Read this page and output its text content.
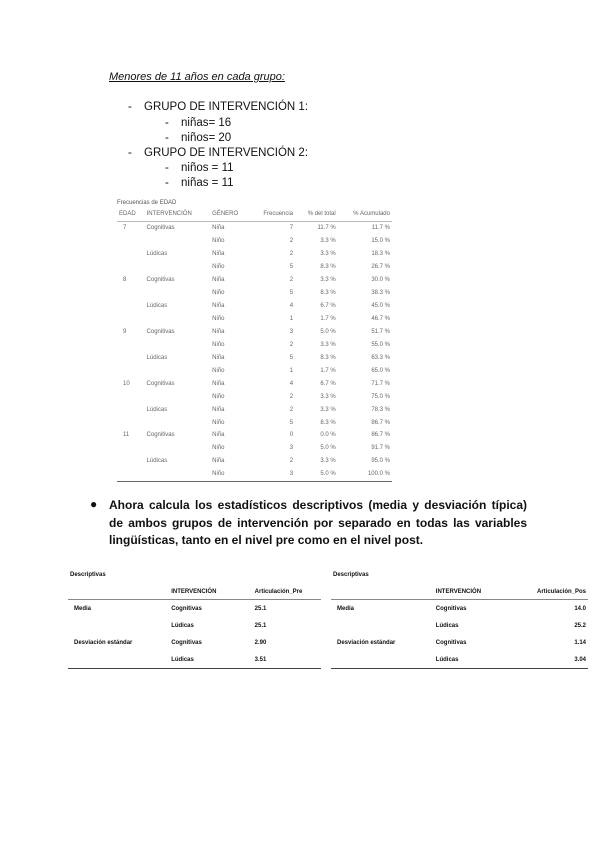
Menores de 11 años en cada grupo:
- GRUPO DE INTERVENCIÓN 1:
- niñas= 16
- niños= 20
- GRUPO DE INTERVENCIÓN 2:
- niños = 11
- niñas = 11
Frecuencias de EDAD
EDAD	INTERVENCIÓN	GÉNERO	Frecuencia	% del total	% Acumulado
7	Cognitivas	Niña	7	11.7 %	11.7 %
		Niño	2	3.3 %	15.0 %
	Lúdicas	Niña	2	3.3 %	18.3 %
		Niño	5	8.3 %	26.7 %
8	Cognitivas	Niña	2	3.3 %	30.0 %
		Niño	5	8.3 %	38.3 %
	Lúdicas	Niña	4	6.7 %	45.0 %
		Niño	1	1.7 %	46.7 %
9	Cognitivas	Niña	3	5.0 %	51.7 %
		Niño	2	3.3 %	55.0 %
	Lúdicas	Niña	5	8.3 %	63.3 %
		Niño	1	1.7 %	65.0 %
10	Cognitivas	Niña	4	6.7 %	71.7 %
		Niño	2	3.3 %	75.0 %
	Lúdicas	Niña	2	3.3 %	78.3 %
		Niño	5	8.3 %	86.7 %
11	Cognitivas	Niña	0	0.0 %	86.7 %
		Niño	3	5.0 %	91.7 %
	Lúdicas	Niña	2	3.3 %	95.0 %
		Niño	3	5.0 %	100.0 %
● Ahora calcula los estadísticos descriptivos (media y desviación típica) de ambos grupos de intervención por separado en todas las variables lingüísticas, tanto en el nivel pre como en el nivel post.
Descriptivas
	INTERVENCIÓN	Articulación_Pre
Media	Cognitivas	25.1
	Lúdicas	25.1
Desviación estándar	Cognitivas	2.90
	Lúdicas	3.51
Descriptivas
	INTERVENCIÓN	Articulación_Pos
Media	Cognitivas	14.0
	Lúdicas	25.2
Desviación estándar	Cognitivas	1.14
	Lúdicas	3.04
